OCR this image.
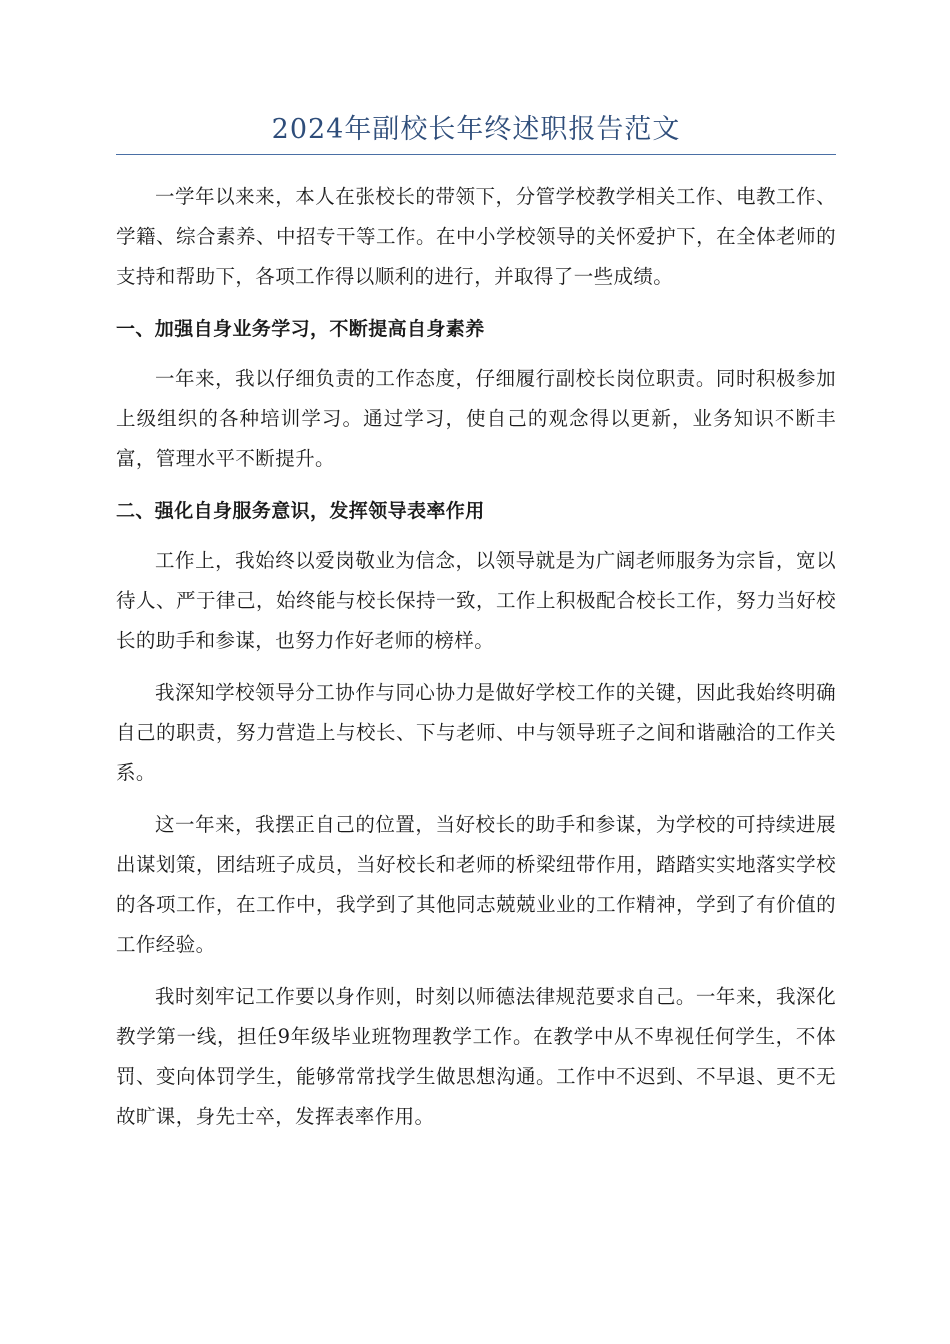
2024年副校长年终述职报告范文

一学年以来来，本人在张校长的带领下，分管学校教学相关工作、电教工作、学籍、综合素养、中招专干等工作。在中小学校领导的关怀爱护下，在全体老师的支持和帮助下，各项工作得以顺利的进行，并取得了一些成绩。

一、加强自身业务学习，不断提高自身素养

一年来，我以仔细负责的工作态度，仔细履行副校长岗位职责。同时积极参加上级组织的各种培训学习。通过学习，使自己的观念得以更新，业务知识不断丰富，管理水平不断提升。

二、强化自身服务意识，发挥领导表率作用

工作上，我始终以爱岗敬业为信念，以领导就是为广阔老师服务为宗旨，宽以待人、严于律己，始终能与校长保持一致，工作上积极配合校长工作，努力当好校长的助手和参谋，也努力作好老师的榜样。

我深知学校领导分工协作与同心协力是做好学校工作的关键，因此我始终明确自己的职责，努力营造上与校长、下与老师、中与领导班子之间和谐融洽的工作关系。

这一年来，我摆正自己的位置，当好校长的助手和参谋，为学校的可持续进展出谋划策，团结班子成员，当好校长和老师的桥梁纽带作用，踏踏实实地落实学校的各项工作，在工作中，我学到了其他同志兢兢业业的工作精神，学到了有价值的工作经验。

我时刻牢记工作要以身作则，时刻以师德法律规范要求自己。一年来，我深化教学第一线，担任9年级毕业班物理教学工作。在教学中从不卑视任何学生，不体罚、变向体罚学生，能够常常找学生做思想沟通。工作中不迟到、不早退、更不无故旷课，身先士卒，发挥表率作用。
